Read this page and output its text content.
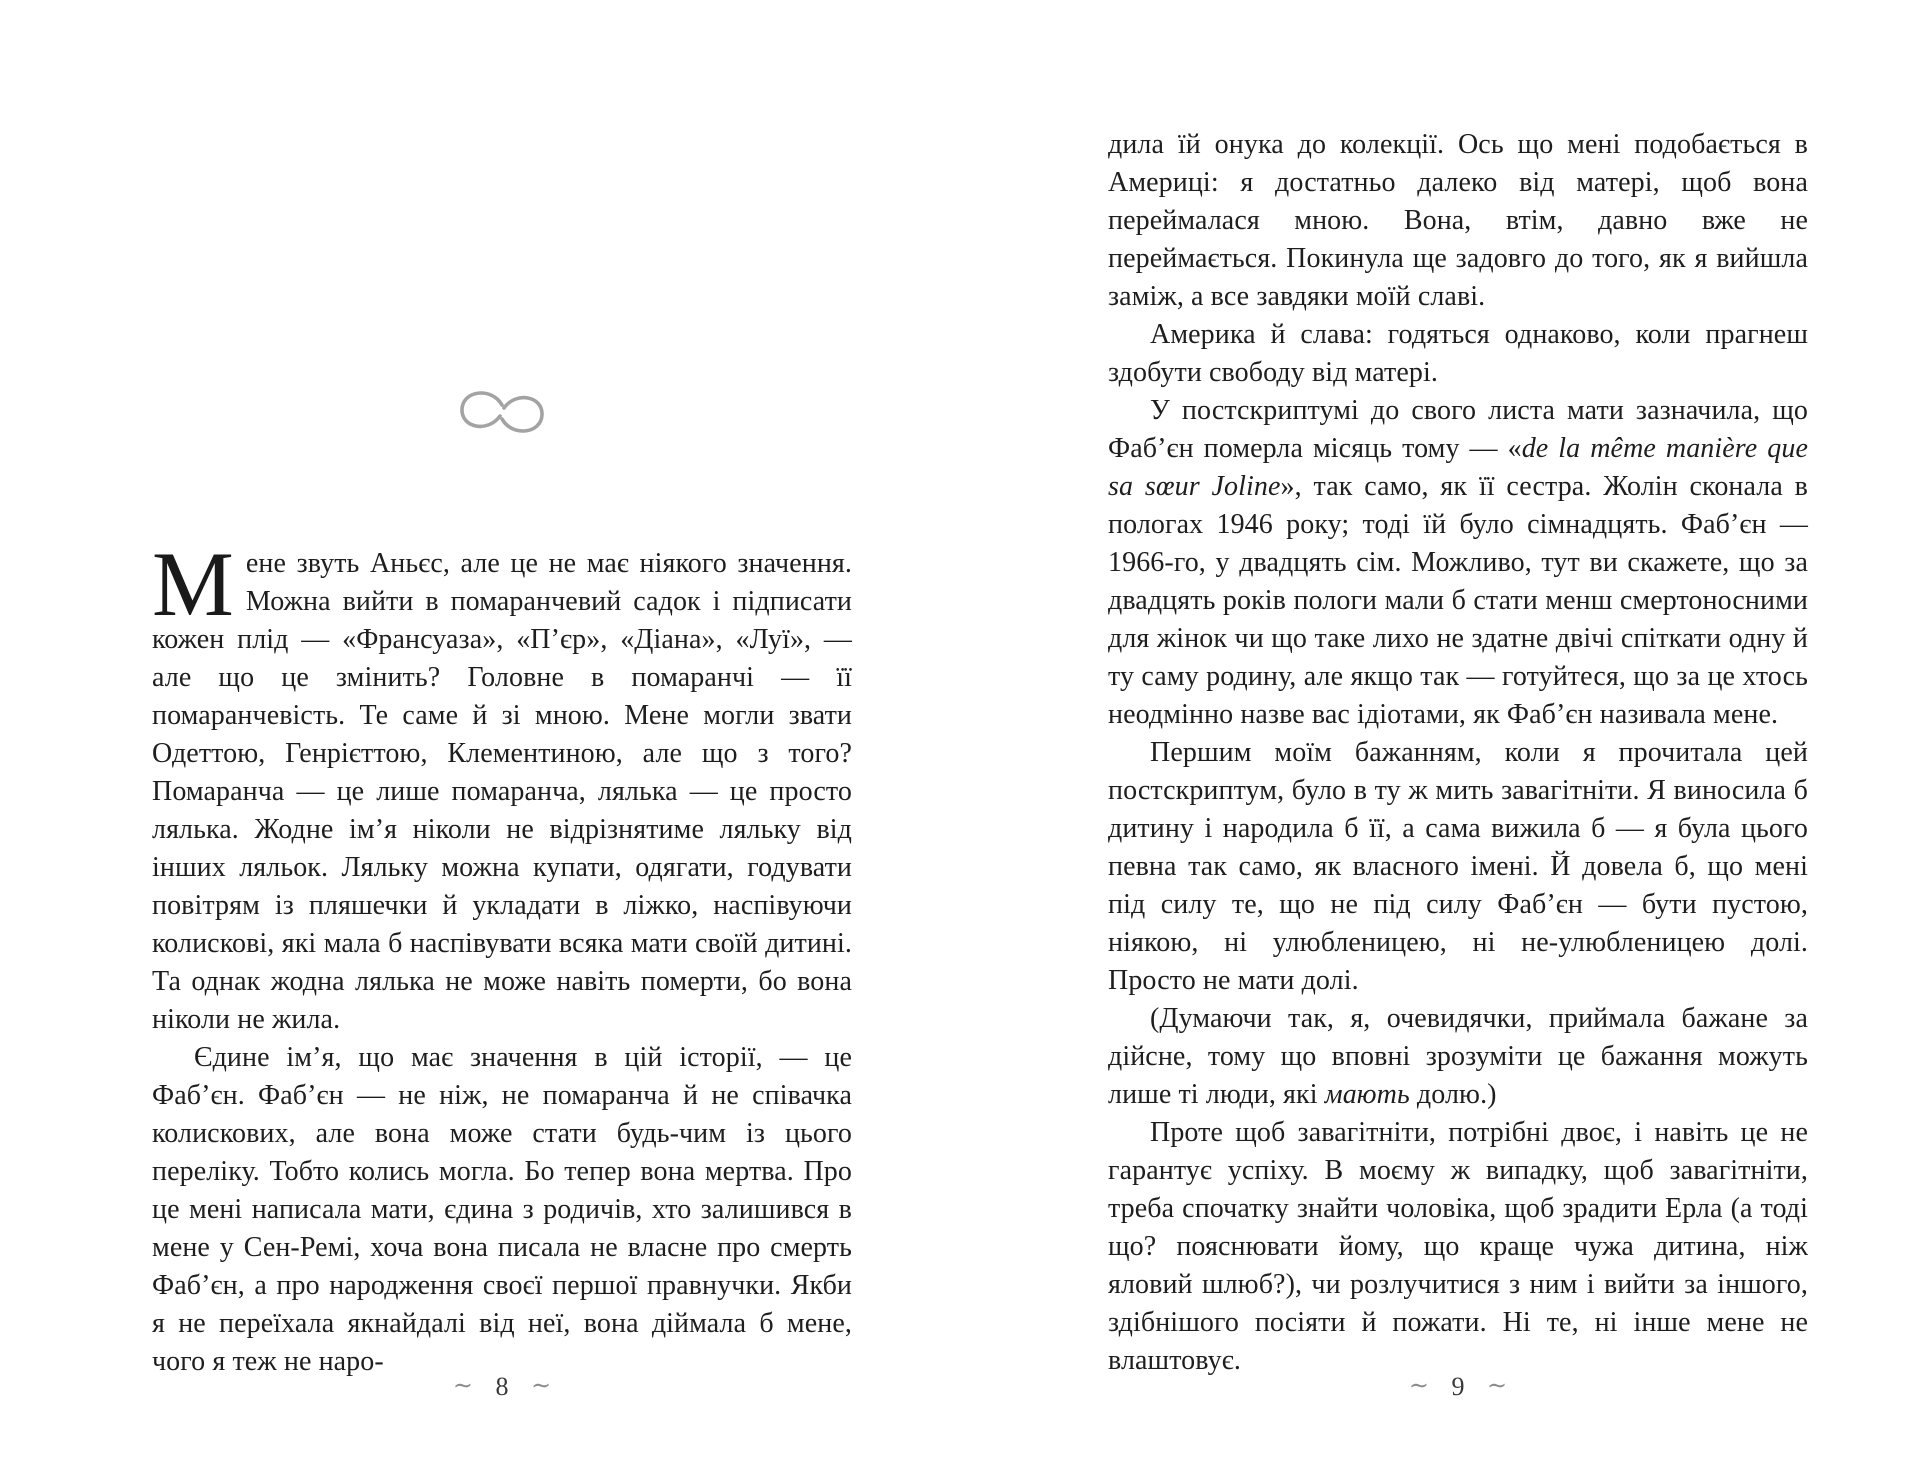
Мене звуть Аньєс, але це не має ніякого значення. Можна вийти в помаранчевий садок і підписати кожен плід — «Франсуаза», «П’єр», «Діана», «Луї», — але що це змінить? Головне в помаранчі — її помаранчевість. Те саме й зі мною. Мене могли звати Одеттою, Генрієттою, Клементиною, але що з того? Помаранча — це лише помаранча, лялька — це просто лялька. Жодне ім’я ніколи не відрізнятиме ляльку від інших ляльок. Ляльку можна купати, одягати, годувати повітрям із пляшечки й укладати в ліжко, наспівуючи колискові, які мала б наспівувати всяка мати своїй дитині. Та однак жодна лялька не може навіть померти, бо вона ніколи не жила.

Єдине ім’я, що має значення в цій історії, — це Фаб’єн. Фаб’єн — не ніж, не помаранча й не співачка колискових, але вона може стати будь-чим із цього переліку. Тобто колись могла. Бо тепер вона мертва. Про це мені написала мати, єдина з родичів, хто залишився в мене у Сен-Ремі, хоча вона писала не власне про смерть Фаб’єн, а про народження своєї першої правнучки. Якби я не переїхала якнайдалі від неї, вона діймала б мене, чого я теж не наро-

∼ 8 ∼

дила їй онука до колекції. Ось що мені подобається в Америці: я достатньо далеко від матері, щоб вона переймалася мною. Вона, втім, давно вже не переймається. Покинула ще задовго до того, як я вийшла заміж, а все завдяки моїй славі.

Америка й слава: годяться однаково, коли прагнеш здобути свободу від матері.

У постскриптумі до свого листа мати зазначила, що Фаб’єн померла місяць тому — «de la même manière que sa sœur Joline», так само, як її сестра. Жолін сконала в пологах 1946 року; тоді їй було сімнадцять. Фаб’єн — 1966-го, у двадцять сім. Можливо, тут ви скажете, що за двадцять років пологи мали б стати менш смертоносними для жінок чи що таке лихо не здатне двічі спіткати одну й ту саму родину, але якщо так — готуйтеся, що за це хтось неодмінно назве вас ідіотами, як Фаб’єн називала мене.

Першим моїм бажанням, коли я прочитала цей постскриптум, було в ту ж мить завагітніти. Я виносила б дитину і народила б її, а сама вижила б — я була цього певна так само, як власного імені. Й довела б, що мені під силу те, що не під силу Фаб’єн — бути пустою, ніякою, ні улюбленицею, ні не-улюбленицею долі. Просто не мати долі.

(Думаючи так, я, очевидячки, приймала бажане за дійсне, тому що вповні зрозуміти це бажання можуть лише ті люди, які мають долю.)

Проте щоб завагітніти, потрібні двоє, і навіть це не гарантує успіху. В моєму ж випадку, щоб завагітніти, треба спочатку знайти чоловіка, щоб зрадити Ерла (а тоді що? пояснювати йому, що краще чужа дитина, ніж яловий шлюб?), чи розлучитися з ним і вийти за іншого, здібнішого посіяти й пожати. Ні те, ні інше мене не влаштовує.

∼ 9 ∼
